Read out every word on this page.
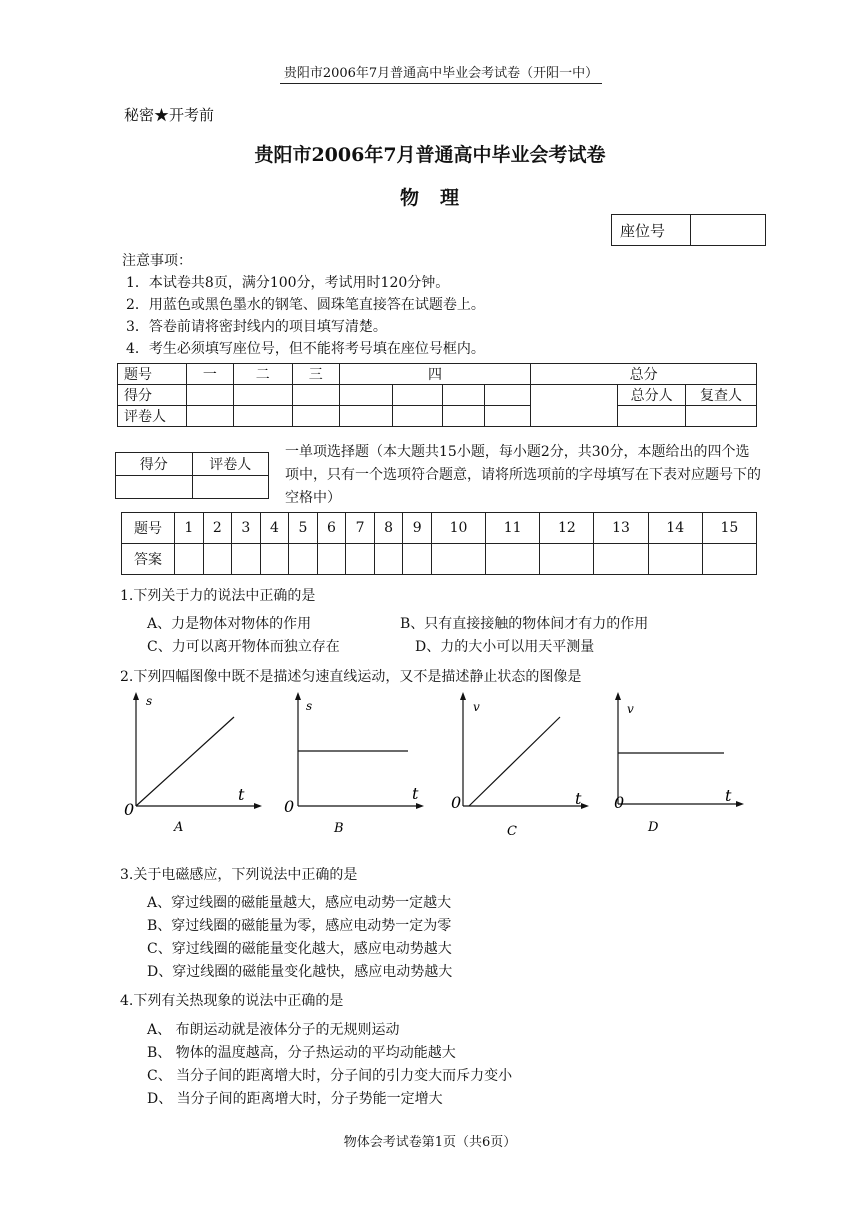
贵阳市2006年7月普通高中毕业会考试卷（开阳一中）
秘密★开考前
贵阳市2006年7月普通高中毕业会考试卷
物　理
座位号	
注意事项：
1．本试卷共8页，满分100分，考试用时120分钟。
2．用蓝色或黑色墨水的钢笔、圆珠笔直接答在试题卷上。
3．答卷前请将密封线内的项目填写清楚。
4．考生必须填写座位号，但不能将考号填在座位号框内。
题号	一	二	三	四				总分		
得分									总分人	复查人
评卷人										
得分	评卷人

一单项选择题（本大题共15小题，每小题2分，共30分，本题给出的四个选项中，只有一个选项符合题意，请将所选项前的字母填写在下表对应题号下的空格中）
题号	1	2	3	4	5	6	7	8	9	10	11	12	13	14	15
答案															
1.下列关于力的说法中正确的是
A、力是物体对物体的作用	B、只有直接接触的物体间才有力的作用
C、力可以离开物体而独立存在	D、力的大小可以用天平测量
2.下列四幅图像中既不是描述匀速直线运动，又不是描述静止状态的图像是
s
t
0
A
s
t
0
B
v
t
0
C
v
t
0
D
3.关于电磁感应，下列说法中正确的是
A、穿过线圈的磁能量越大，感应电动势一定越大
B、穿过线圈的磁能量为零，感应电动势一定为零
C、穿过线圈的磁能量变化越大，感应电动势越大
D、穿过线圈的磁能量变化越快，感应电动势越大
4.下列有关热现象的说法中正确的是
A、 布朗运动就是液体分子的无规则运动
B、 物体的温度越高，分子热运动的平均动能越大
C、 当分子间的距离增大时，分子间的引力变大而斥力变小
D、 当分子间的距离增大时，分子势能一定增大
物体会考试卷第1页（共6页）
